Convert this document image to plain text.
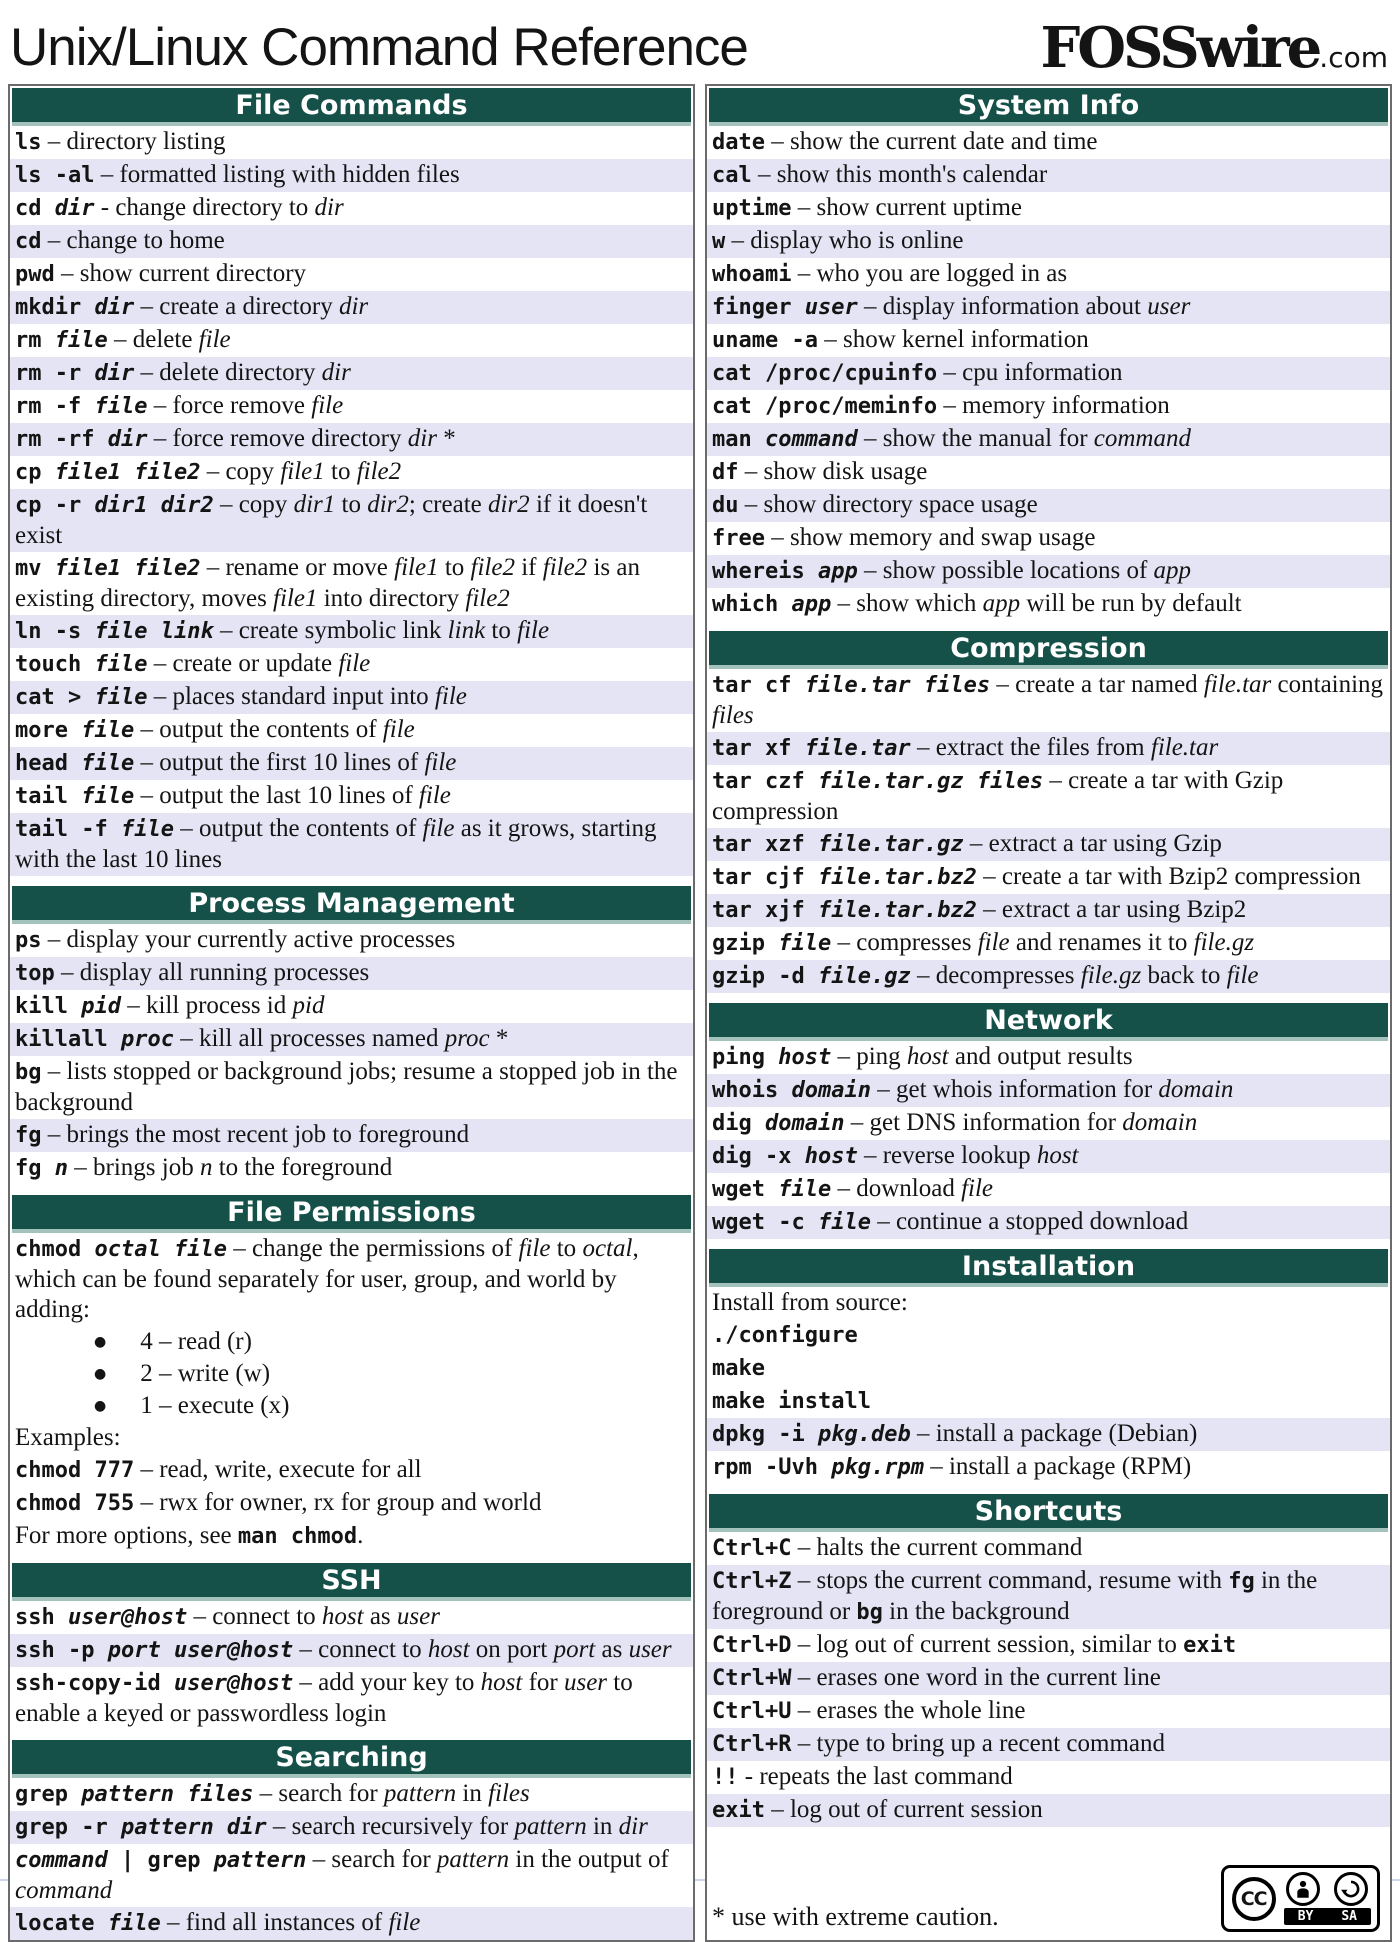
Unix/Linux Command Reference	FOSSwire.com
File Commands
ls – directory listing
ls -al – formatted listing with hidden files
cd dir - change directory to dir
cd – change to home
pwd – show current directory
mkdir dir – create a directory dir
rm file – delete file
rm -r dir – delete directory dir
rm -f file – force remove file
rm -rf dir – force remove directory dir *
cp file1 file2 – copy file1 to file2
cp -r dir1 dir2 – copy dir1 to dir2; create dir2 if it doesn't exist
mv file1 file2 – rename or move file1 to file2 if file2 is an existing directory, moves file1 into directory file2
ln -s file link – create symbolic link link to file
touch file – create or update file
cat > file – places standard input into file
more file – output the contents of file
head file – output the first 10 lines of file
tail file – output the last 10 lines of file
tail -f file – output the contents of file as it grows, starting with the last 10 lines
Process Management
ps – display your currently active processes
top – display all running processes
kill pid – kill process id pid
killall proc – kill all processes named proc *
bg – lists stopped or background jobs; resume a stopped job in the background
fg – brings the most recent job to foreground
fg n – brings job n to the foreground
File Permissions
chmod octal file – change the permissions of file to octal, which can be found separately for user, group, and world by adding:
● 4 – read (r)
● 2 – write (w)
● 1 – execute (x)
Examples:
chmod 777 – read, write, execute for all
chmod 755 – rwx for owner, rx for group and world
For more options, see man chmod.
SSH
ssh user@host – connect to host as user
ssh -p port user@host – connect to host on port port as user
ssh-copy-id user@host – add your key to host for user to enable a keyed or passwordless login
Searching
grep pattern files – search for pattern in files
grep -r pattern dir – search recursively for pattern in dir
command | grep pattern – search for pattern in the output of command
locate file – find all instances of file
System Info
date – show the current date and time
cal – show this month's calendar
uptime – show current uptime
w – display who is online
whoami – who you are logged in as
finger user – display information about user
uname -a – show kernel information
cat /proc/cpuinfo – cpu information
cat /proc/meminfo – memory information
man command – show the manual for command
df – show disk usage
du – show directory space usage
free – show memory and swap usage
whereis app – show possible locations of app
which app – show which app will be run by default
Compression
tar cf file.tar files – create a tar named file.tar containing files
tar xf file.tar – extract the files from file.tar
tar czf file.tar.gz files – create a tar with Gzip compression
tar xzf file.tar.gz – extract a tar using Gzip
tar cjf file.tar.bz2 – create a tar with Bzip2 compression
tar xjf file.tar.bz2 – extract a tar using Bzip2
gzip file – compresses file and renames it to file.gz
gzip -d file.gz – decompresses file.gz back to file
Network
ping host – ping host and output results
whois domain – get whois information for domain
dig domain – get DNS information for domain
dig -x host – reverse lookup host
wget file – download file
wget -c file – continue a stopped download
Installation
Install from source:
./configure
make
make install
dpkg -i pkg.deb – install a package (Debian)
rpm -Uvh pkg.rpm – install a package (RPM)
Shortcuts
Ctrl+C – halts the current command
Ctrl+Z – stops the current command, resume with fg in the foreground or bg in the background
Ctrl+D – log out of current session, similar to exit
Ctrl+W – erases one word in the current line
Ctrl+U – erases the whole line
Ctrl+R – type to bring up a recent command
!! - repeats the last command
exit – log out of current session
* use with extreme caution.
CC
BY SA
